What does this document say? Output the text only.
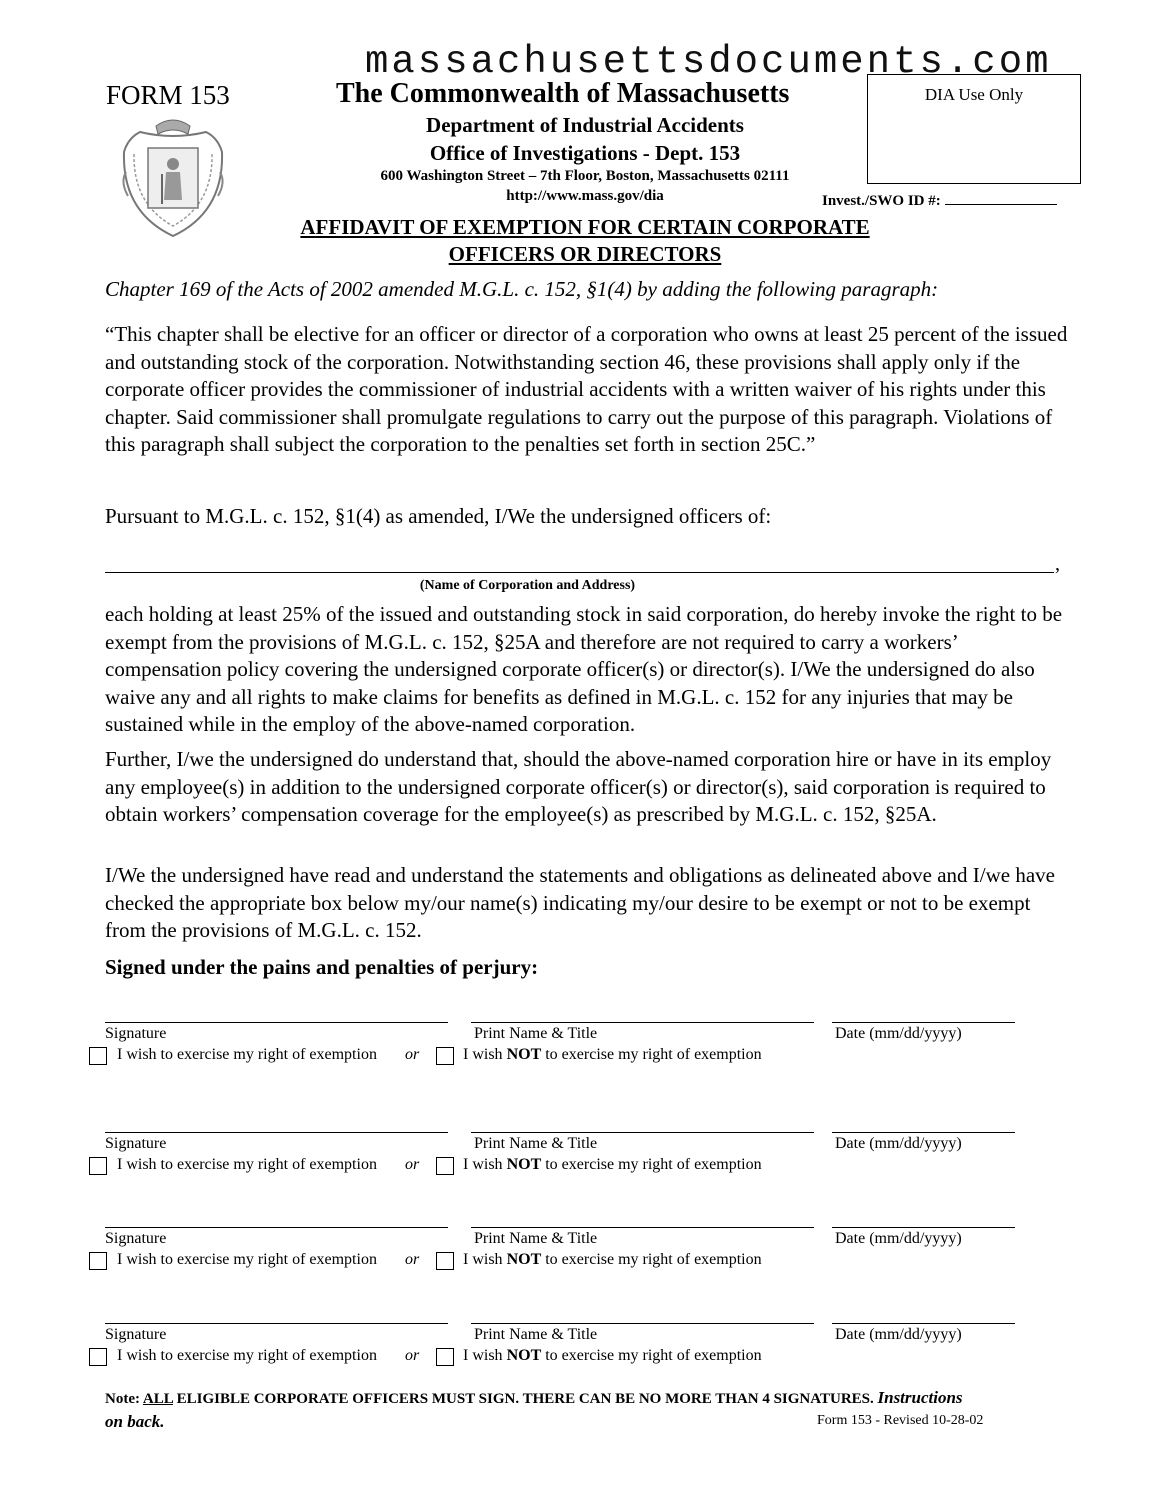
massachusettsdocuments.com
FORM 153	The Commonwealth of Massachusetts
Department of Industrial Accidents
Office of Investigations - Dept. 153
600 Washington Street – 7th Floor, Boston, Massachusetts 02111
http://www.mass.gov/dia
DIA Use Only
Invest./SWO ID #:
AFFIDAVIT OF EXEMPTION FOR CERTAIN CORPORATE
OFFICERS OR DIRECTORS
Chapter 169 of the Acts of 2002 amended M.G.L. c. 152, §1(4) by adding the following paragraph:
“This chapter shall be elective for an officer or director of a corporation who owns at least 25 percent of the issued and outstanding stock of the corporation. Notwithstanding section 46, these provisions shall apply only if the corporate officer provides the commissioner of industrial accidents with a written waiver of his rights under this chapter. Said commissioner shall promulgate regulations to carry out the purpose of this paragraph. Violations of this paragraph shall subject the corporation to the penalties set forth in section 25C.”
Pursuant to M.G.L. c. 152, §1(4) as amended, I/We the undersigned officers of:
,
(Name of Corporation and Address)
each holding at least 25% of the issued and outstanding stock in said corporation, do hereby invoke the right to be exempt from the provisions of M.G.L. c. 152, §25A and therefore are not required to carry a workers’ compensation policy covering the undersigned corporate officer(s) or director(s). I/We the undersigned do also waive any and all rights to make claims for benefits as defined in M.G.L. c. 152 for any injuries that may be sustained while in the employ of the above-named corporation.
Further, I/we the undersigned do understand that, should the above-named corporation hire or have in its employ any employee(s) in addition to the undersigned corporate officer(s) or director(s), said corporation is required to obtain workers’ compensation coverage for the employee(s) as prescribed by M.G.L. c. 152, §25A.
I/We the undersigned have read and understand the statements and obligations as delineated above and I/we have checked the appropriate box below my/our name(s) indicating my/our desire to be exempt or not to be exempt from the provisions of M.G.L. c. 152.
Signed under the pains and penalties of perjury:
Signature	Print Name & Title	Date (mm/dd/yyyy)
I wish to exercise my right of exemption or	I wish NOT to exercise my right of exemption
Signature	Print Name & Title	Date (mm/dd/yyyy)
I wish to exercise my right of exemption or	I wish NOT to exercise my right of exemption
Signature	Print Name & Title	Date (mm/dd/yyyy)
I wish to exercise my right of exemption or	I wish NOT to exercise my right of exemption
Signature	Print Name & Title	Date (mm/dd/yyyy)
I wish to exercise my right of exemption or	I wish NOT to exercise my right of exemption
Note: ALL ELIGIBLE CORPORATE OFFICERS MUST SIGN. THERE CAN BE NO MORE THAN 4 SIGNATURES. Instructions
on back.	Form 153 - Revised 10-28-02
